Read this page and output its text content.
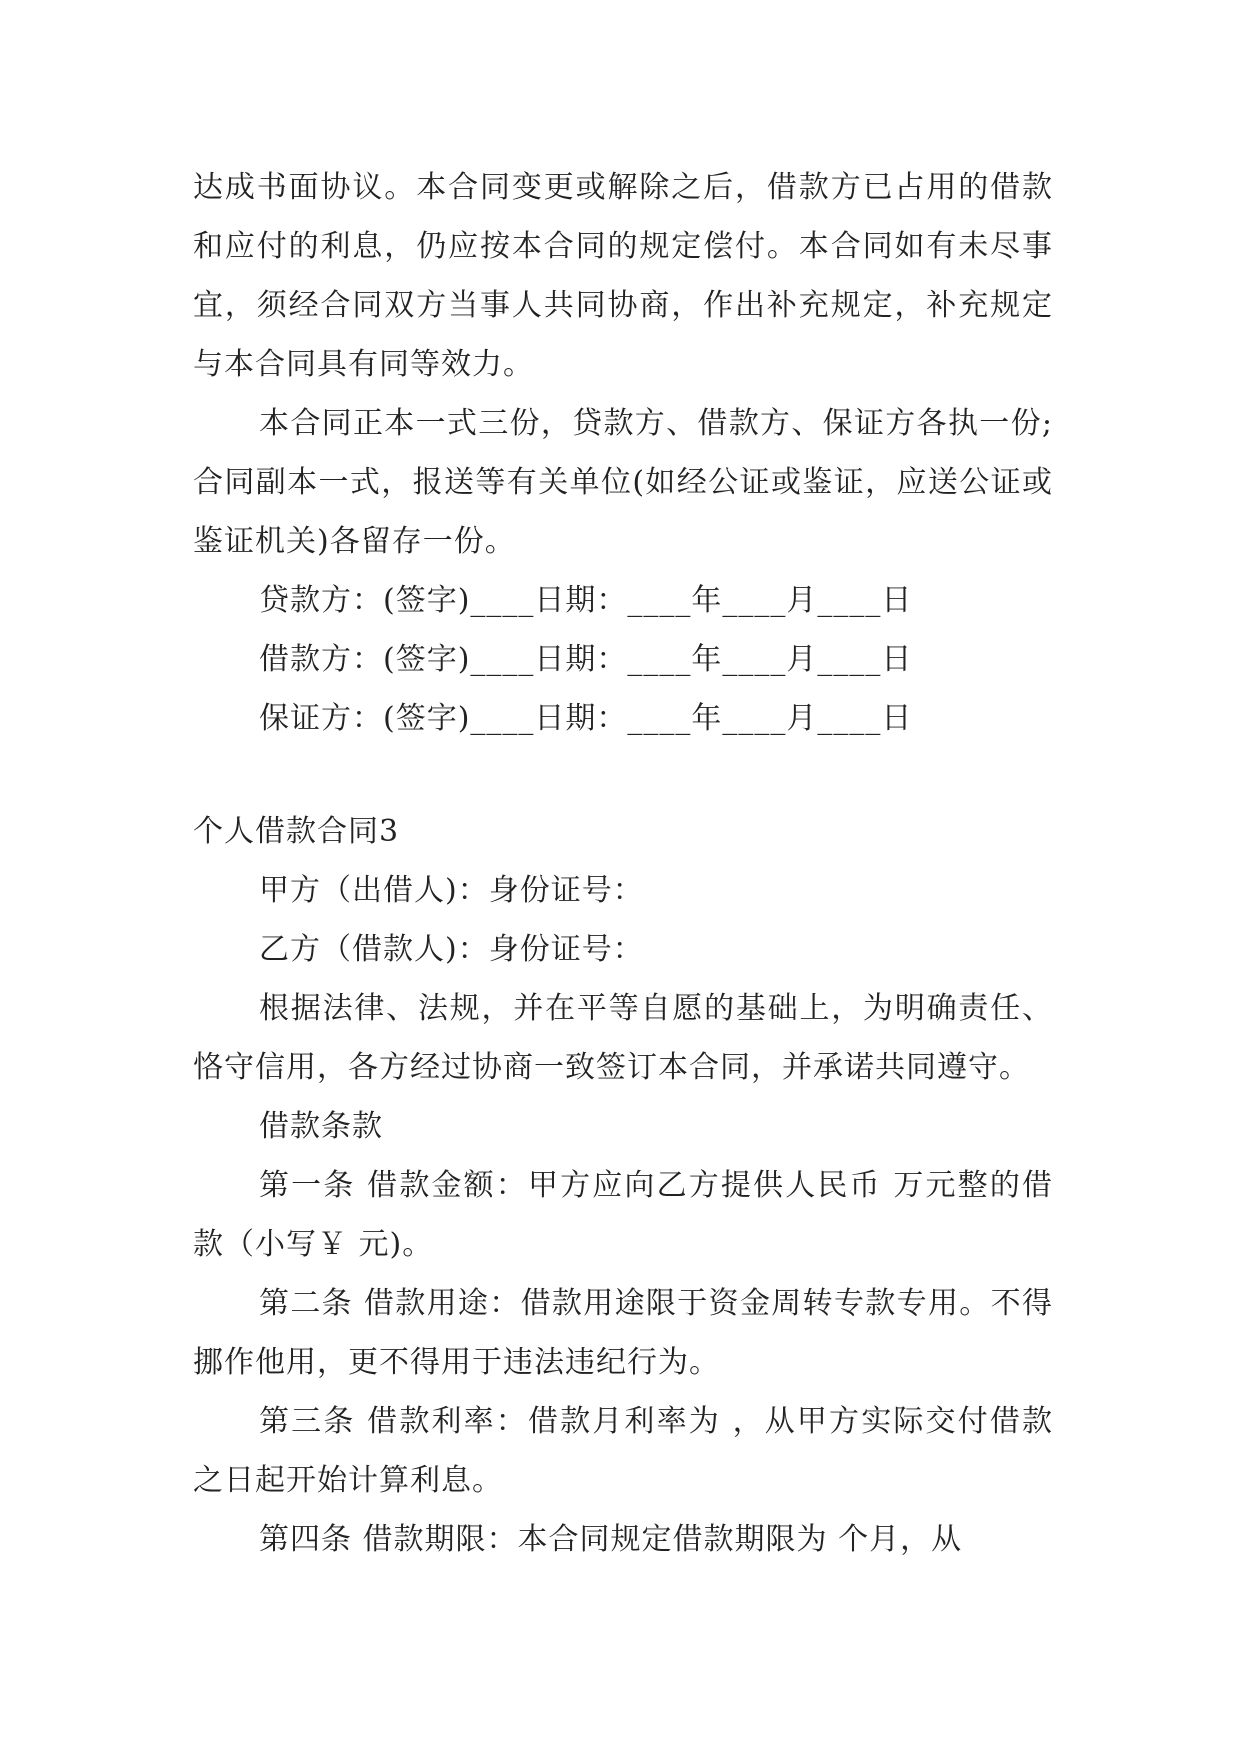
达成书面协议。本合同变更或解除之后，借款方已占用的借款和应付的利息，仍应按本合同的规定偿付。本合同如有未尽事宜，须经合同双方当事人共同协商，作出补充规定，补充规定与本合同具有同等效力。

本合同正本一式三份，贷款方、借款方、保证方各执一份;合同副本一式，报送等有关单位(如经公证或鉴证，应送公证或鉴证机关)各留存一份。

贷款方：(签字)____日期：____年____月____日

借款方：(签字)____日期：____年____月____日

保证方：(签字)____日期：____年____月____日

个人借款合同3

甲方（出借人)：身份证号：

乙方（借款人)：身份证号：

根据法律、法规，并在平等自愿的基础上，为明确责任、恪守信用，各方经过协商一致签订本合同，并承诺共同遵守。

借款条款

第一条 借款金额：甲方应向乙方提供人民币 万元整的借款（小写￥ 元)。

第二条 借款用途：借款用途限于资金周转专款专用。不得挪作他用，更不得用于违法违纪行为。

第三条 借款利率：借款月利率为 ，从甲方实际交付借款之日起开始计算利息。

第四条 借款期限：本合同规定借款期限为 个月，从
